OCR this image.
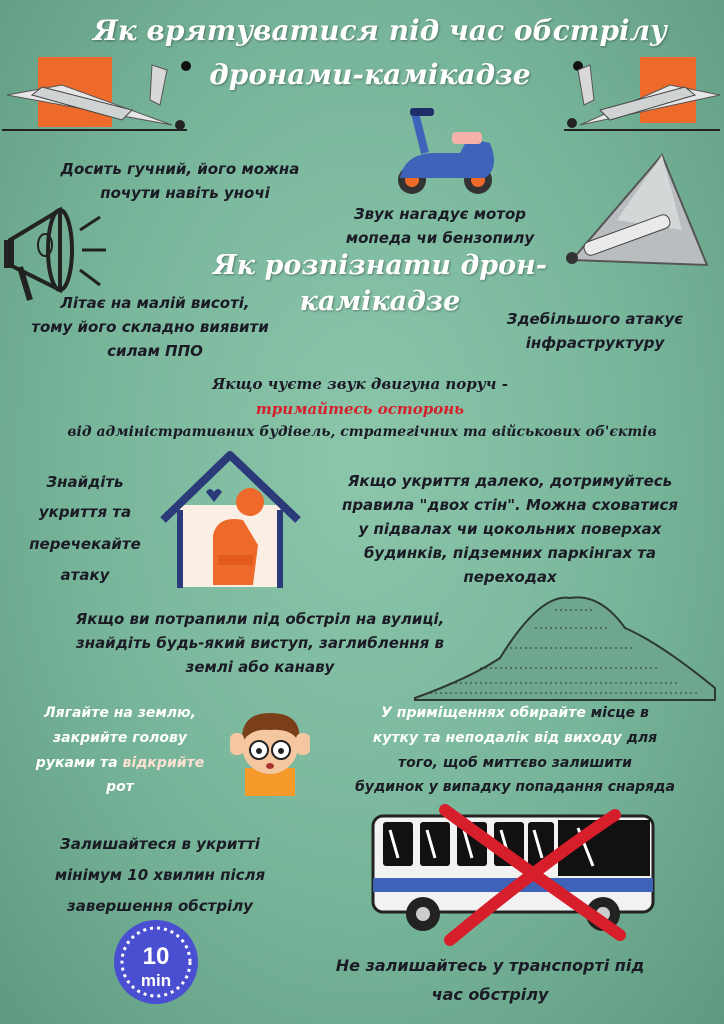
Як врятуватися під час обстрілу
дронами-камікадзе
Досить гучний, його можна
почути навіть уночі
Звук нагадує мотор
мопеда чи бензопилу
Як розпізнати дрон-
камікадзе
Літає на малій висоті,
тому його складно виявити
силам ППО
Здебільшого атакує
інфраструктуру
Якщо чуєте звук двигуна поруч -
тримайтесь осторонь
від адміністративних будівель, стратегічних та військових об'єктів
Знайдіть
укриття та
перечекайте
атаку
Якщо укриття далеко, дотримуйтесь
правила "двох стін". Можна сховатися
у підвалах чи цокольних поверхах
будинків, підземних паркінгах та
переходах
Якщо ви потрапили під обстріл на вулиці,
знайдіть будь-який виступ, заглиблення в
землі або канаву
Лягайте на землю,
закрийте голову
руками та відкрийте
рот
У приміщеннях обирайте місце в
кутку та неподалік від виходу для
того, щоб миттєво залишити
будинок у випадку попадання снаряда
Залишайтеся в укритті
мінімум 10 хвилин після
завершення обстрілу
10
min
Не залишайтесь у транспорті під
час обстрілу
